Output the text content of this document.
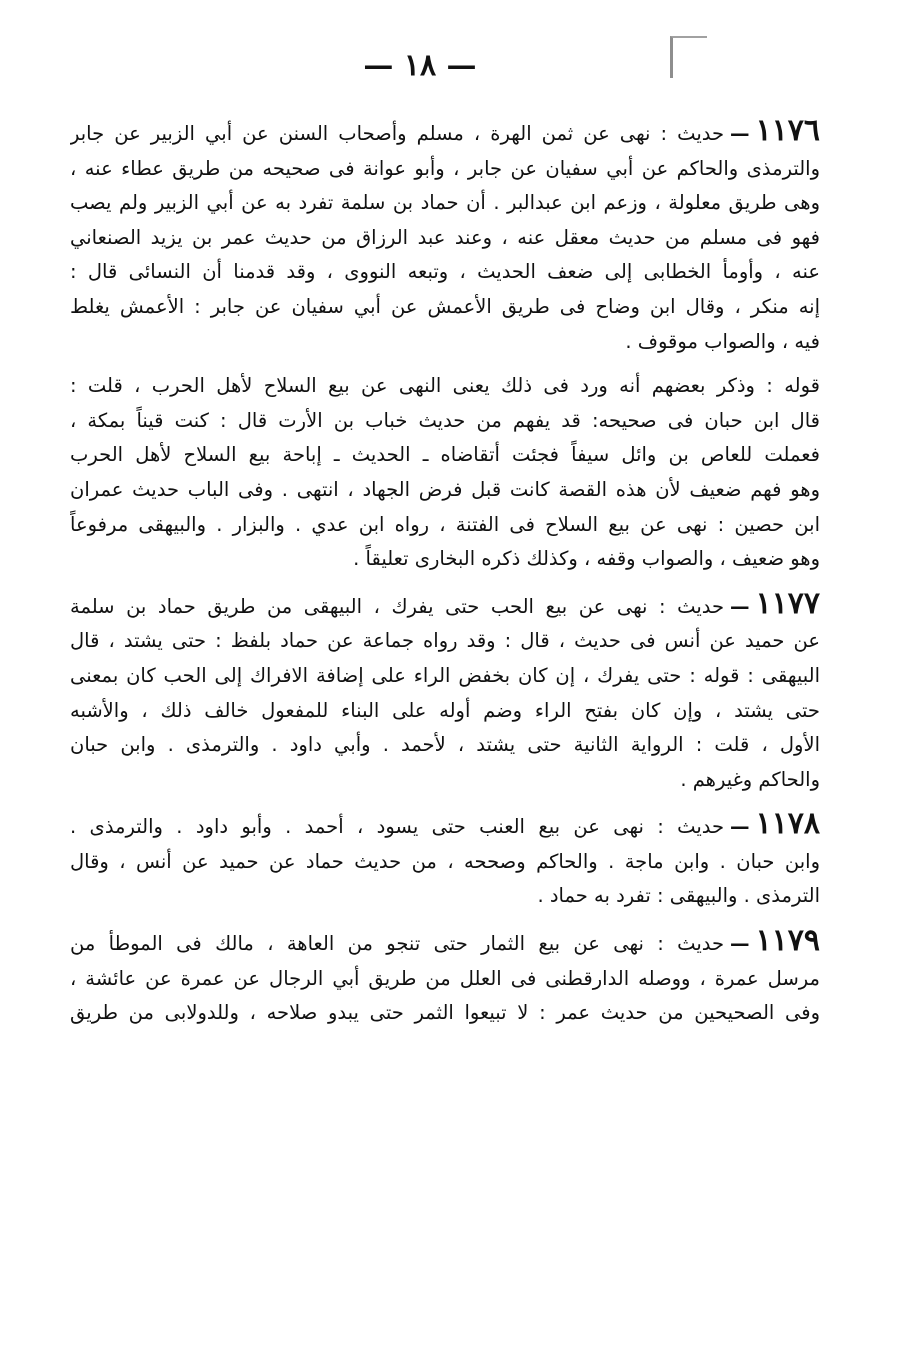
— ١٨ —
١١٧٦—حديث : نهى عن ثمن الهرة ، مسلم وأصحاب السنن عن أبي الزبير عن جابر
والترمذى والحاكم عن أبي سفيان عن جابر ، وأبو عوانة فى صحيحه من طريق عطاء عنه ،
وهى طريق معلولة ، وزعم ابن عبدالبر . أن حماد بن سلمة تفرد به عن أبي الزبير ولم يصب
فهو فى مسلم من حديث معقل عنه ، وعند عبد الرزاق من حديث عمر بن يزيد الصنعاني
عنه ، وأومأ الخطابى إلى ضعف الحديث ، وتبعه النووى ، وقد قدمنا أن النسائى قال :
إنه منكر ، وقال ابن وضاح فى طريق الأعمش عن أبي سفيان عن جابر : الأعمش يغلط
فيه ، والصواب موقوف .
قوله : وذكر بعضهم أنه ورد فى ذلك يعنى النهى عن بيع السلاح لأهل الحرب ، قلت :
قال ابن حبان فى صحيحه: قد يفهم من حديث خباب بن الأرت قال : كنت قيناً بمكة ،
فعملت للعاص بن وائل سيفاً فجئت أتقاضاه ـ الحديث ـ إباحة بيع السلاح لأهل الحرب
وهو فهم ضعيف لأن هذه القصة كانت قبل فرض الجهاد ، انتهى . وفى الباب حديث عمران
ابن حصين : نهى عن بيع السلاح فى الفتنة ، رواه ابن عدي . والبزار . والبيهقى مرفوعاً
وهو ضعيف ، والصواب وقفه ، وكذلك ذكره البخارى تعليقاً .
١١٧٧—حديث : نهى عن بيع الحب حتى يفرك ، البيهقى من طريق حماد بن سلمة
عن حميد عن أنس فى حديث ، قال : وقد رواه جماعة عن حماد بلفظ : حتى يشتد ، قال
البيهقى : قوله : حتى يفرك ، إن كان بخفض الراء على إضافة الافراك إلى الحب كان بمعنى
حتى يشتد ، وإن كان بفتح الراء وضم أوله على البناء للمفعول خالف ذلك ، والأشبه
الأول ، قلت : الرواية الثانية حتى يشتد ، لأحمد . وأبي داود . والترمذى . وابن حبان
والحاكم وغيرهم .
١١٧٨—حديث : نهى عن بيع العنب حتى يسود ، أحمد . وأبو داود . والترمذى .
وابن حبان . وابن ماجة . والحاكم وصححه ، من حديث حماد عن حميد عن أنس ، وقال
الترمذى . والبيهقى : تفرد به حماد .
١١٧٩—حديث : نهى عن بيع الثمار حتى تنجو من العاهة ، مالك فى الموطأ من
مرسل عمرة ، ووصله الدارقطنى فى العلل من طريق أبي الرجال عن عمرة عن عائشة ،
وفى الصحيحين من حديث عمر : لا تبيعوا الثمر حتى يبدو صلاحه ، وللدولابى من طريق
